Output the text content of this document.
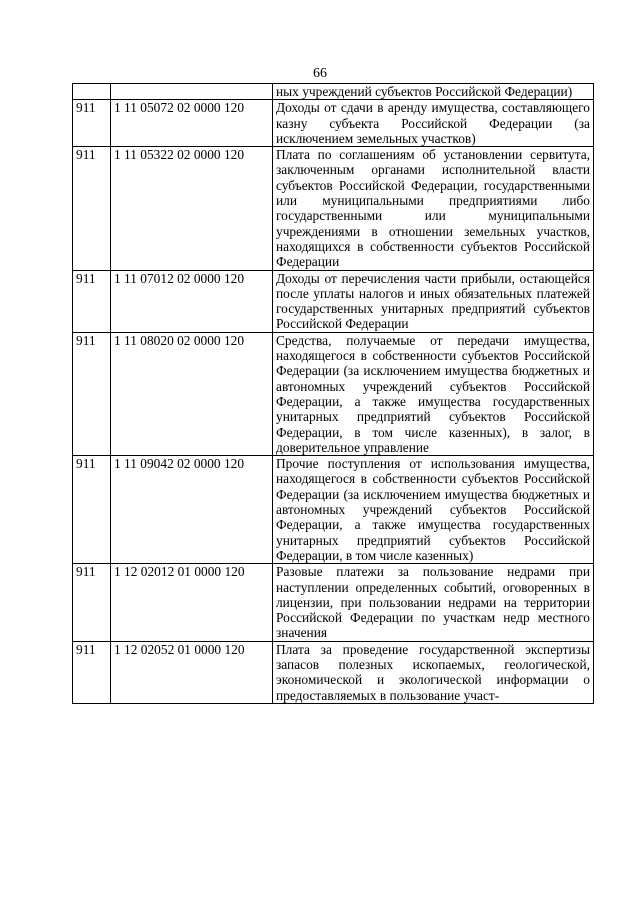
66
		ных учреждений субъектов Российской Федерации)
911	1 11 05072 02 0000 120	Доходы от сдачи в аренду имущества, составляющего казну субъекта Российской Федерации (за исключением земельных участков)
911	1 11 05322 02 0000 120	Плата по соглашениям об установлении сервитута, заключенным органами исполнительной власти субъектов Российской Федерации, государственными или муниципальными предприятиями либо государственными или муниципальными учреждениями в отношении земельных участков, находящихся в собственности субъектов Российской Федерации
911	1 11 07012 02 0000 120	Доходы от перечисления части прибыли, остающейся после уплаты налогов и иных обязательных платежей государственных унитарных предприятий субъектов Российской Федерации
911	1 11 08020 02 0000 120	Средства, получаемые от передачи имущества, находящегося в собственности субъектов Российской Федерации (за исключением имущества бюджетных и автономных учреждений субъектов Российской Федерации, а также имущества государственных унитарных предприятий субъектов Российской Федерации, в том числе казенных), в залог, в доверительное управление
911	1 11 09042 02 0000 120	Прочие поступления от использования имущества, находящегося в собственности субъектов Российской Федерации (за исключением имущества бюджетных и автономных учреждений субъектов Российской Федерации, а также имущества государственных унитарных предприятий субъектов Российской Федерации, в том числе казенных)
911	1 12 02012 01 0000 120	Разовые платежи за пользование недрами при наступлении определенных событий, оговоренных в лицензии, при пользовании недрами на территории Российской Федерации по участкам недр местного значения
911	1 12 02052 01 0000 120	Плата за проведение государственной экспертизы запасов полезных ископаемых, геологической, экономической и экологической информации о предоставляемых в пользование участ-
